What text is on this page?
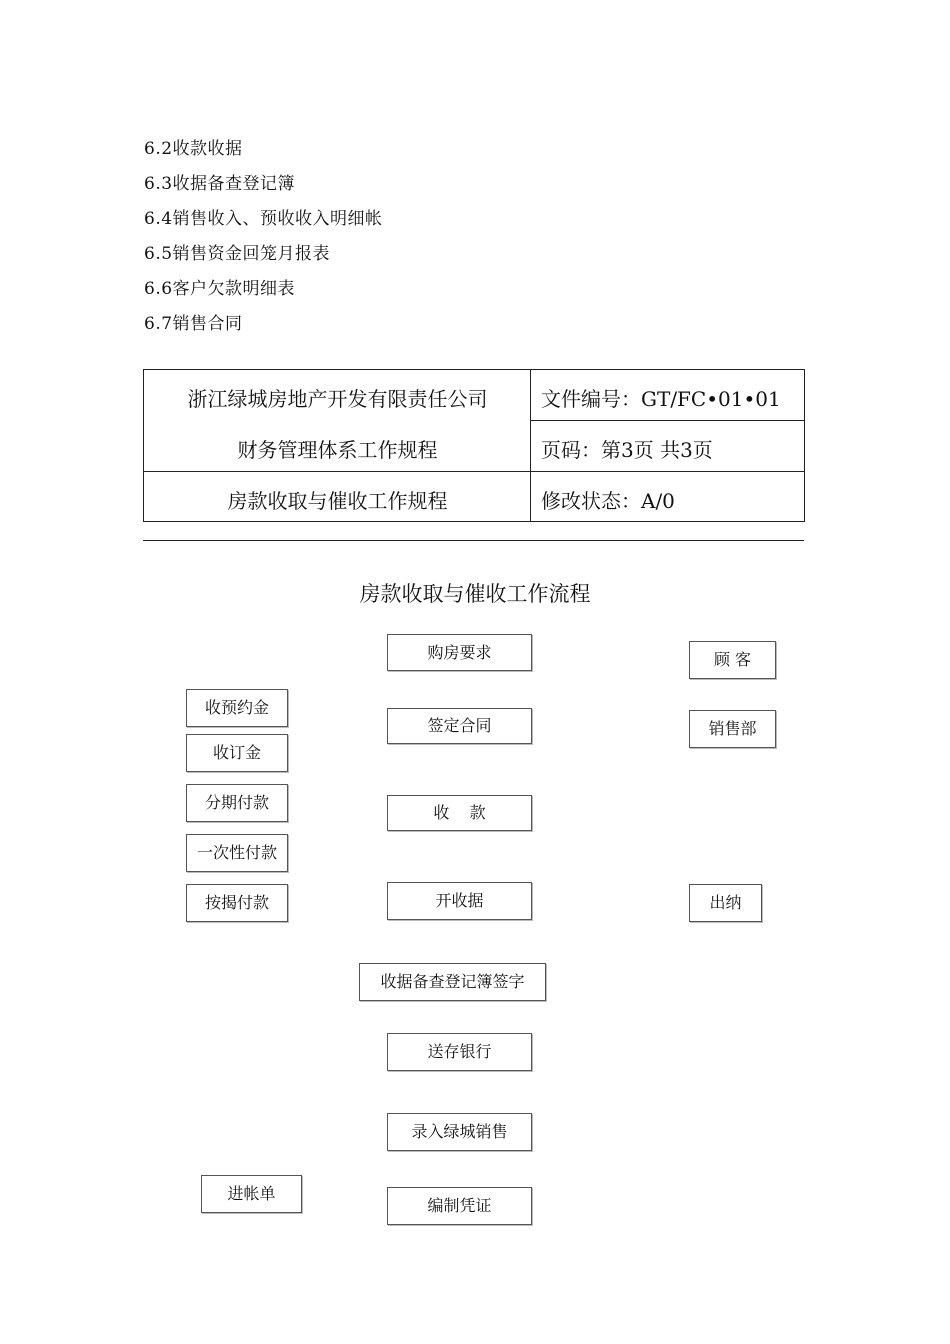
6.2收款收据
6.3收据备查登记簿
6.4销售收入、预收收入明细帐
6.5销售资金回笼月报表
6.6客户欠款明细表
6.7销售合同
浙江绿城房地产开发有限责任公司
财务管理体系工作规程
房款收取与催收工作规程
文件编号：GT/FC•01•01
页码：第3页 共3页
修改状态：A/0
房款收取与催收工作流程
购房要求
签定合同
收    款
开收据
收据备查登记簿签字
送存银行
录入绿城销售
编制凭证
收预约金
收订金
分期付款
一次性付款
按揭付款
进帐单
顾 客
销售部
出纳
